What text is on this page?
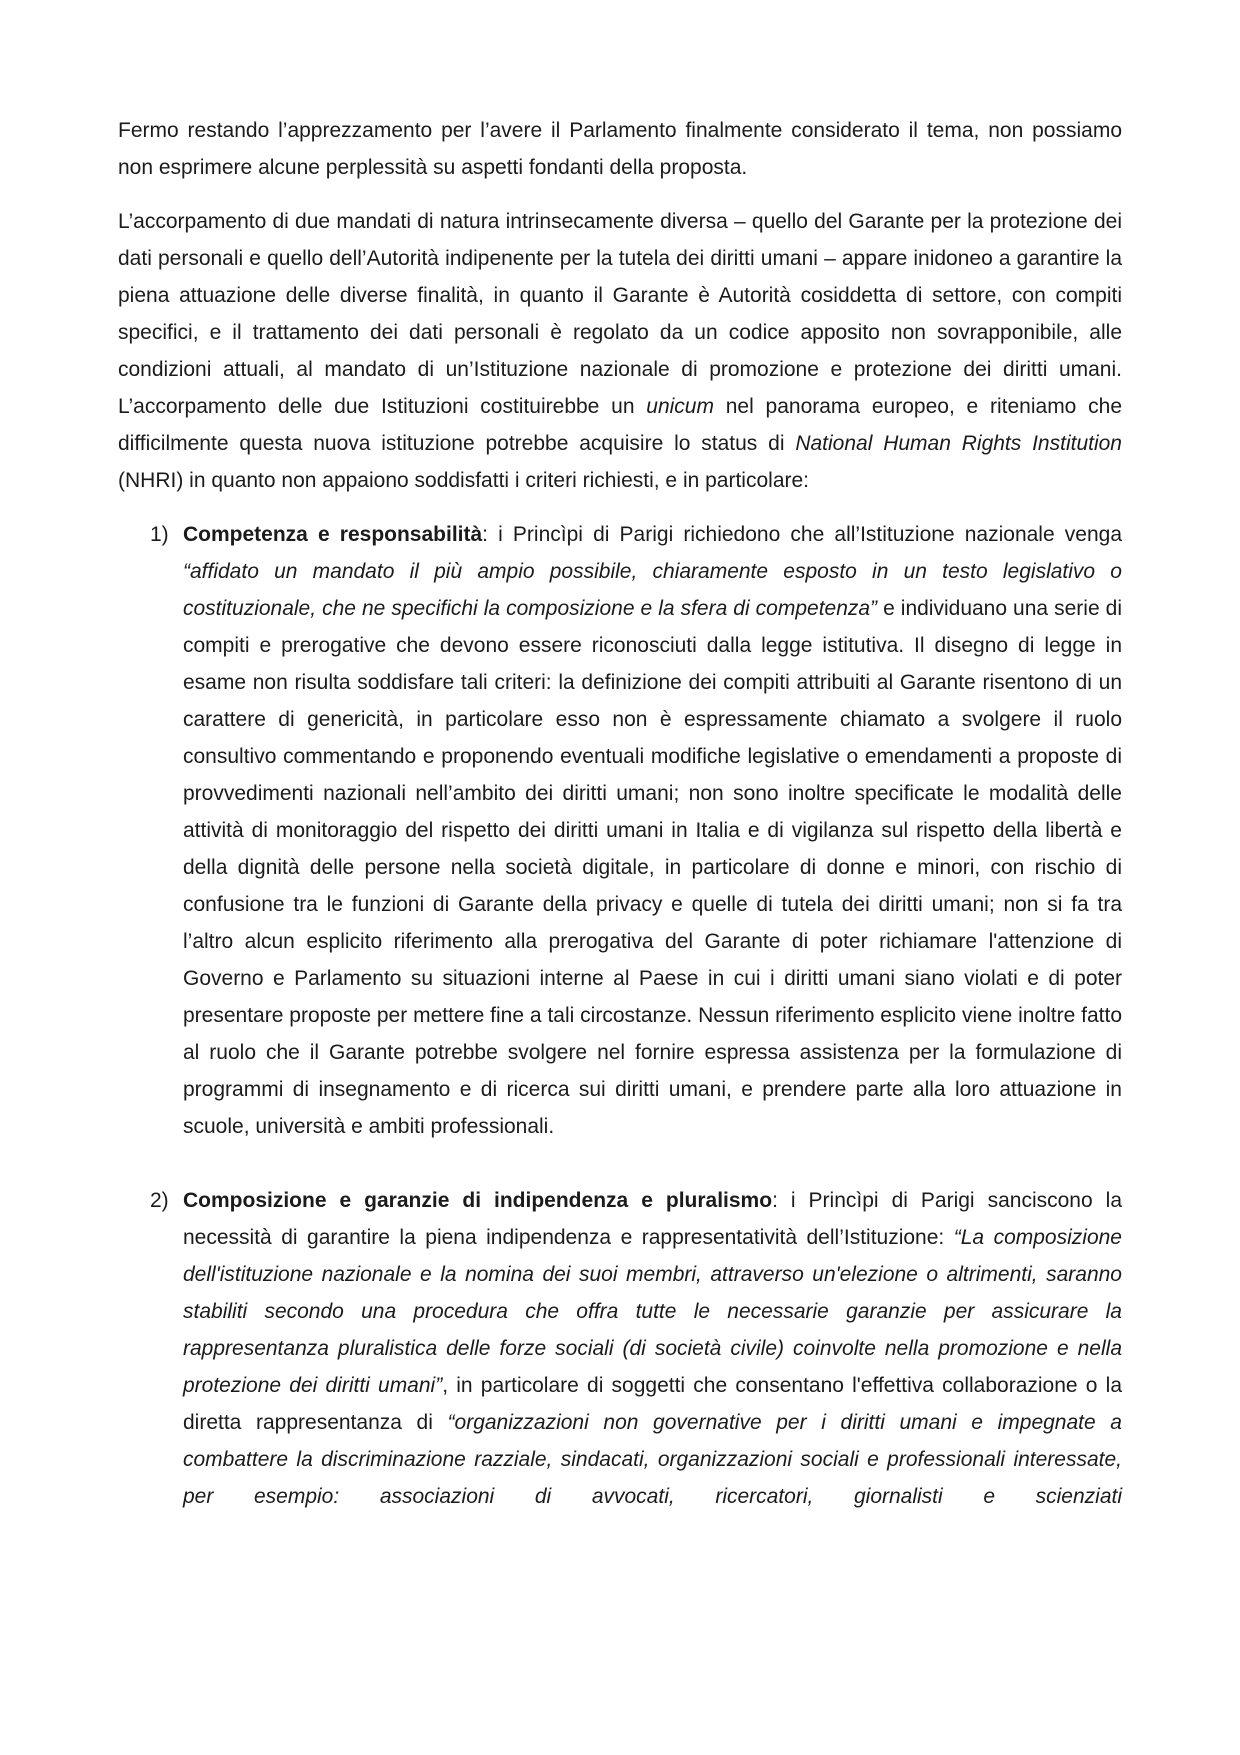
Fermo restando l’apprezzamento per l’avere il Parlamento finalmente considerato il tema, non possiamo non esprimere alcune perplessità su aspetti fondanti della proposta.

L’accorpamento di due mandati di natura intrinsecamente diversa – quello del Garante per la protezione dei dati personali e quello dell’Autorità indipenente per la tutela dei diritti umani – appare inidoneo a garantire la piena attuazione delle diverse finalità, in quanto il Garante è Autorità cosiddetta di settore, con compiti specifici, e il trattamento dei dati personali è regolato da un codice apposito non sovrapponibile, alle condizioni attuali, al mandato di un’Istituzione nazionale di promozione e protezione dei diritti umani. L’accorpamento delle due Istituzioni costituirebbe un unicum nel panorama europeo, e riteniamo che difficilmente questa nuova istituzione potrebbe acquisire lo status di National Human Rights Institution (NHRI) in quanto non appaiono soddisfatti i criteri richiesti, e in particolare:

1) Competenza e responsabilità: i Princìpi di Parigi richiedono che all’Istituzione nazionale venga “affidato un mandato il più ampio possibile, chiaramente esposto in un testo legislativo o costituzionale, che ne specifichi la composizione e la sfera di competenza” e individuano una serie di compiti e prerogative che devono essere riconosciuti dalla legge istitutiva. Il disegno di legge in esame non risulta soddisfare tali criteri: la definizione dei compiti attribuiti al Garante risentono di un carattere di genericità, in particolare esso non è espressamente chiamato a svolgere il ruolo consultivo commentando e proponendo eventuali modifiche legislative o emendamenti a proposte di provvedimenti nazionali nell’ambito dei diritti umani; non sono inoltre specificate le modalità delle attività di monitoraggio del rispetto dei diritti umani in Italia e di vigilanza sul rispetto della libertà e della dignità delle persone nella società digitale, in particolare di donne e minori, con rischio di confusione tra le funzioni di Garante della privacy e quelle di tutela dei diritti umani; non si fa tra l’altro alcun esplicito riferimento alla prerogativa del Garante di poter richiamare l'attenzione di Governo e Parlamento su situazioni interne al Paese in cui i diritti umani siano violati e di poter presentare proposte per mettere fine a tali circostanze. Nessun riferimento esplicito viene inoltre fatto al ruolo che il Garante potrebbe svolgere nel fornire espressa assistenza per la formulazione di programmi di insegnamento e di ricerca sui diritti umani, e prendere parte alla loro attuazione in scuole, università e ambiti professionali.
2) Composizione e garanzie di indipendenza e pluralismo: i Princìpi di Parigi sanciscono la necessità di garantire la piena indipendenza e rappresentatività dell’Istituzione: “La composizione dell'istituzione nazionale e la nomina dei suoi membri, attraverso un'elezione o altrimenti, saranno stabiliti secondo una procedura che offra tutte le necessarie garanzie per assicurare la rappresentanza pluralistica delle forze sociali (di società civile) coinvolte nella promozione e nella protezione dei diritti umani”, in particolare di soggetti che consentano l'effettiva collaborazione o la diretta rappresentanza di “organizzazioni non governative per i diritti umani e impegnate a combattere la discriminazione razziale, sindacati, organizzazioni sociali e professionali interessate, per esempio: associazioni di avvocati, ricercatori, giornalisti e scienziati
